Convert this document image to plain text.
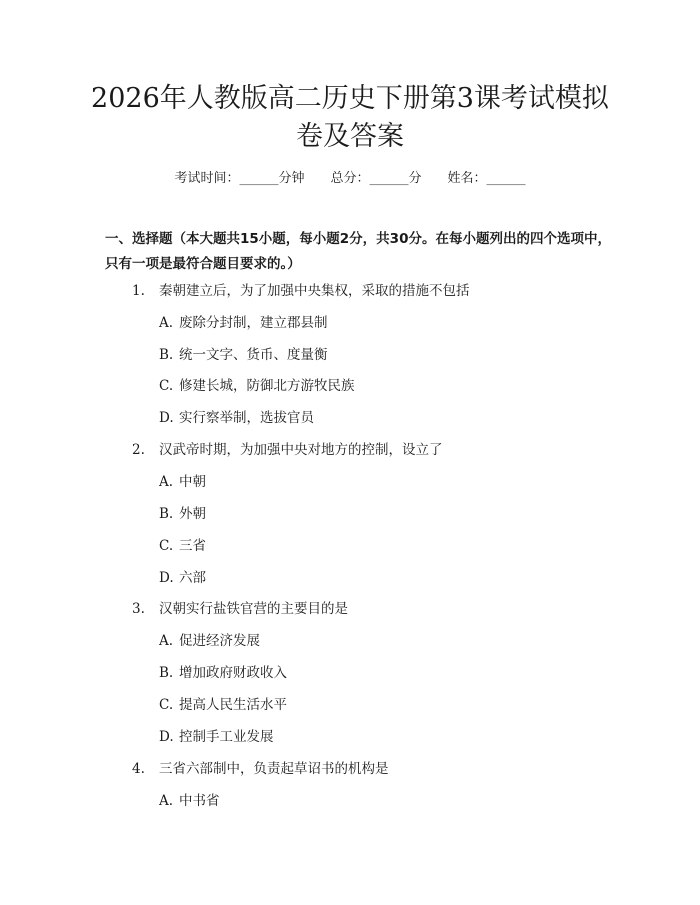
2026年人教版高二历史下册第3课考试模拟
卷及答案
考试时间：______分钟 总分：______分 姓名：______
一、选择题（本大题共15小题，每小题2分，共30分。在每小题列出的四个选项中，只有一项是最符合题目要求的。）
1. 秦朝建立后，为了加强中央集权，采取的措施不包括
A. 废除分封制，建立郡县制
B. 统一文字、货币、度量衡
C. 修建长城，防御北方游牧民族
D. 实行察举制，选拔官员
2. 汉武帝时期，为加强中央对地方的控制，设立了
A. 中朝
B. 外朝
C. 三省
D. 六部
3. 汉朝实行盐铁官营的主要目的是
A. 促进经济发展
B. 增加政府财政收入
C. 提高人民生活水平
D. 控制手工业发展
4. 三省六部制中，负责起草诏书的机构是
A. 中书省
